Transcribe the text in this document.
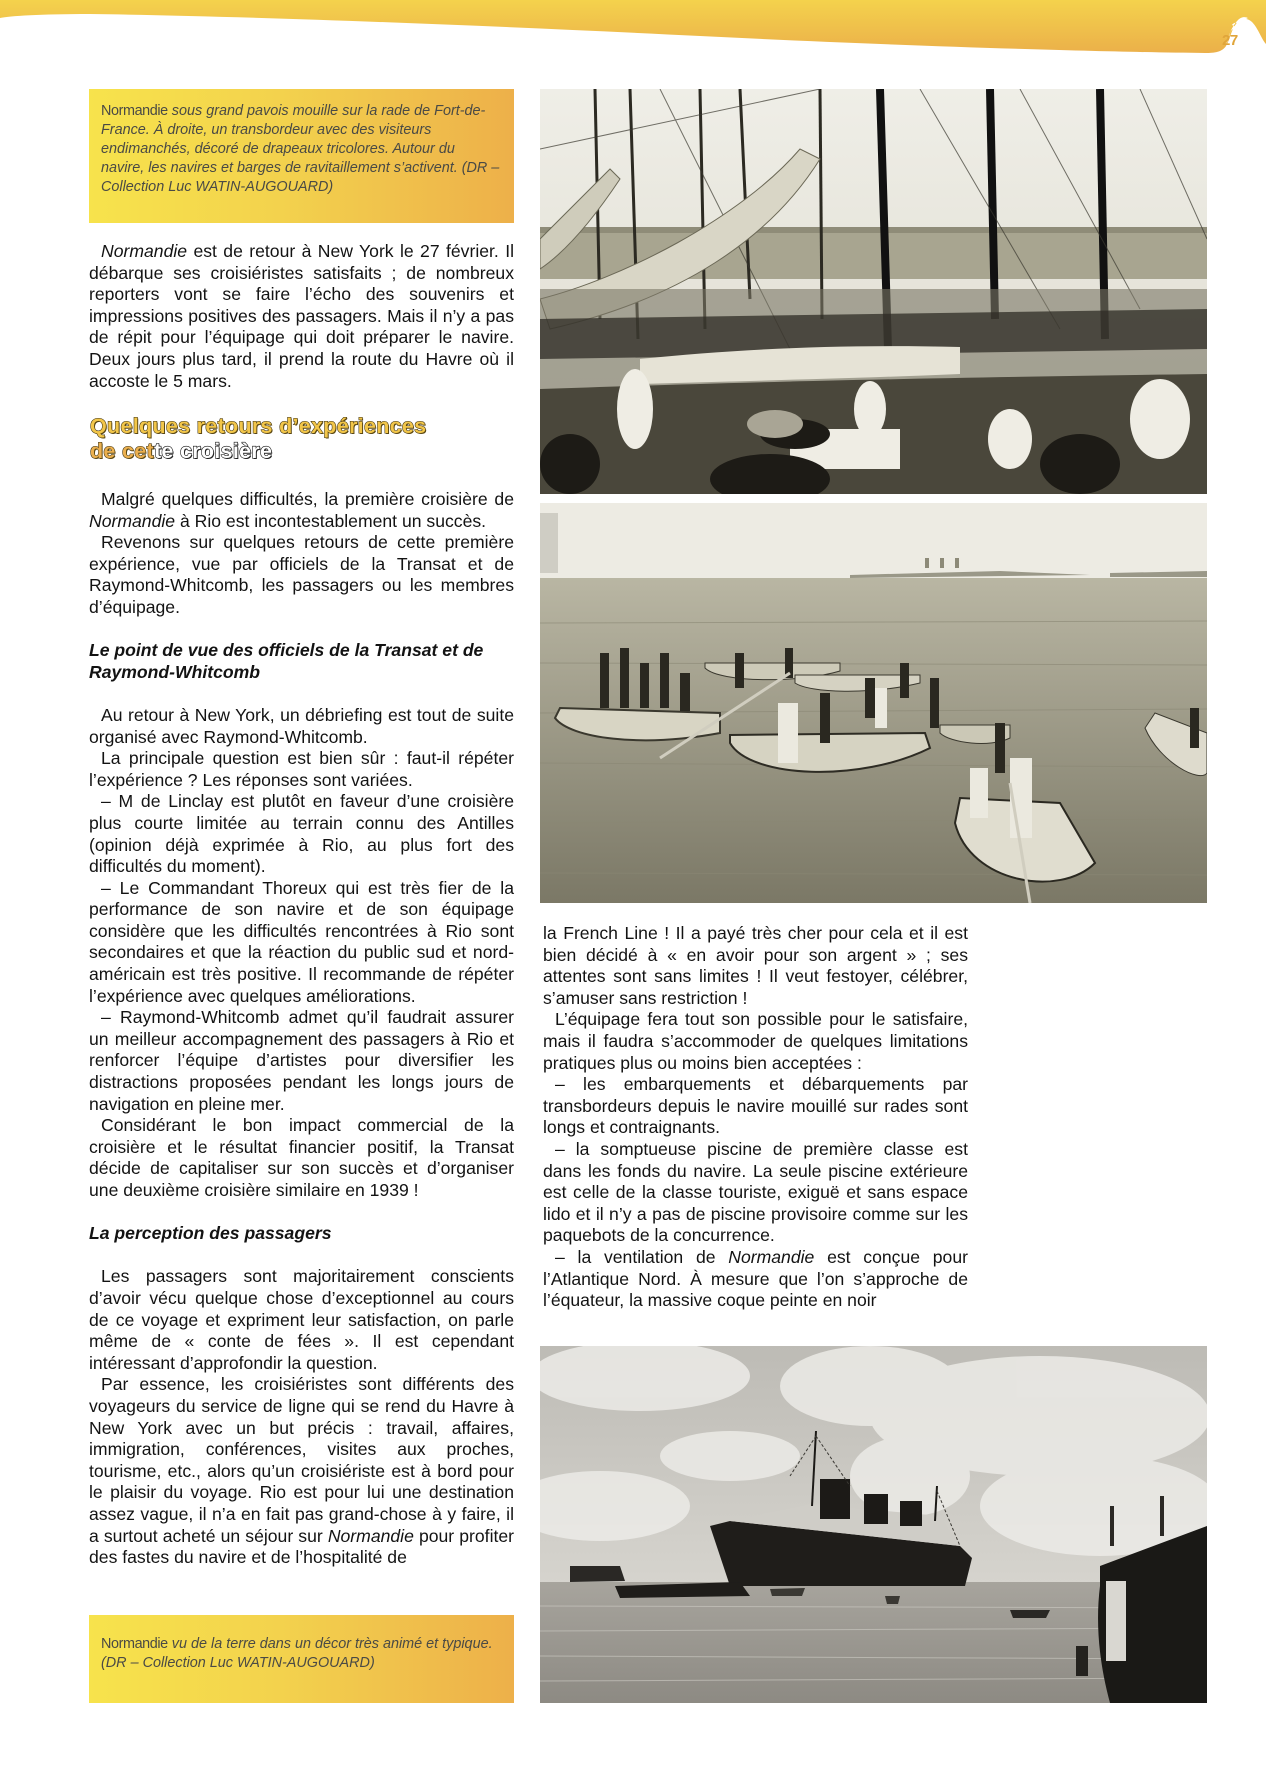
27
Normandie sous grand pavois mouille sur la rade de Fort-de-France. À droite, un transbordeur avec des visiteurs endimanchés, décoré de drapeaux tricolores. Autour du navire, les navires et barges de ravitaillement s’activent. (DR – Collection Luc WATIN-AUGOUARD)

Normandie est de retour à New York le 27 février. Il débarque ses croisiéristes satisfaits ; de nombreux reporters vont se faire l’écho des souvenirs et impressions positives des passagers. Mais il n’y a pas de répit pour l’équipage qui doit préparer le navire. Deux jours plus tard, il prend la route du Havre où il accoste le 5 mars.

Quelques retours d’expériences
de cette croisière

Malgré quelques difficultés, la première croisière de Normandie à Rio est incontestablement un succès.

Revenons sur quelques retours de cette première expérience, vue par officiels de la Transat et de Raymond-Whitcomb, les passagers ou les membres d’équipage.

Le point de vue des officiels de la Transat et de Raymond-Whitcomb

Au retour à New York, un débriefing est tout de suite organisé avec Raymond-Whitcomb.

La principale question est bien sûr : faut-il répéter l’expérience ? Les réponses sont variées.

– M de Linclay est plutôt en faveur d’une croisière plus courte limitée au terrain connu des Antilles (opinion déjà exprimée à Rio, au plus fort des difficultés du moment).

– Le Commandant Thoreux qui est très fier de la performance de son navire et de son équipage considère que les difficultés rencontrées à Rio sont secondaires et que la réaction du public sud et nord-américain est très positive. Il recommande de répéter l’expérience avec quelques améliorations.

– Raymond-Whitcomb admet qu’il faudrait assurer un meilleur accompagnement des passagers à Rio et renforcer l’équipe d’artistes pour diversifier les distractions proposées pendant les longs jours de navigation en pleine mer.

Considérant le bon impact commercial de la croisière et le résultat financier positif, la Transat décide de capitaliser sur son succès et d’organiser une deuxième croisière similaire en 1939 !

La perception des passagers

Les passagers sont majoritairement conscients d’avoir vécu quelque chose d’exceptionnel au cours de ce voyage et expriment leur satisfaction, on parle même de « conte de fées ». Il est cependant intéressant d’approfondir la question.

Par essence, les croisiéristes sont différents des voyageurs du service de ligne qui se rend du Havre à New York avec un but précis : travail, affaires, immigration, conférences, visites aux proches, tourisme, etc., alors qu’un croisiériste est à bord pour le plaisir du voyage. Rio est pour lui une destination assez vague, il n’a en fait pas grand-chose à y faire, il a surtout acheté un séjour sur Normandie pour profiter des fastes du navire et de l’hospitalité de

Normandie vu de la terre dans un décor très animé et typique. (DR – Collection Luc WATIN-AUGOUARD)

la French Line ! Il a payé très cher pour cela et il est bien décidé à « en avoir pour son argent » ; ses attentes sont sans limites ! Il veut festoyer, célébrer, s’amuser sans restriction !

L’équipage fera tout son possible pour le satisfaire, mais il faudra s’accommoder de quelques limitations pratiques plus ou moins bien acceptées :

– les embarquements et débarquements par transbordeurs depuis le navire mouillé sur rades sont longs et contraignants.

– la somptueuse piscine de première classe est dans les fonds du navire. La seule piscine extérieure est celle de la classe touriste, exiguë et sans espace lido et il n’y a pas de piscine provisoire comme sur les paquebots de la concurrence.

– la ventilation de Normandie est conçue pour l’Atlantique Nord. À mesure que l’on s’approche de l’équateur, la massive coque peinte en noir
